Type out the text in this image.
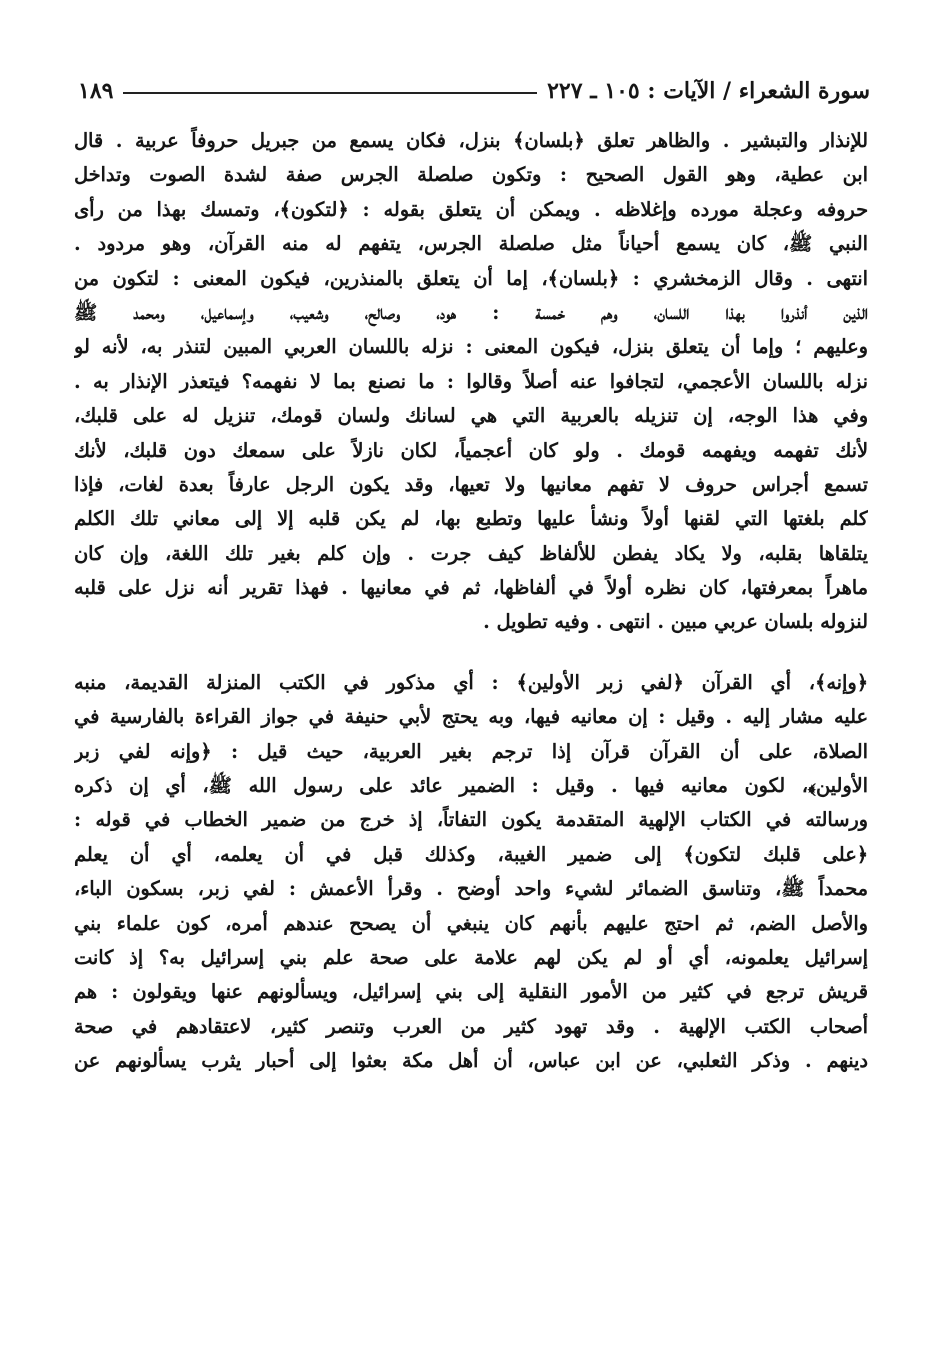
سورة الشعراء / الآيات : ١٠٥ ـ ٢٢٧
١٨٩
للإنذار والتبشير . والظاهر تعلق ﴿بلسان﴾ بنزل، فكان يسمع من جبريل حروفاً عربية . قال
ابن عطية، وهو القول الصحيح : وتكون صلصلة الجرس صفة لشدة الصوت وتداخل
حروفه وعجلة مورده وإغلاظه . ويمكن أن يتعلق بقوله : ﴿لتكون﴾، وتمسك بهذا من رأى
النبي ﷺ، كان يسمع أحياناً مثل صلصلة الجرس، يتفهم له منه القرآن، وهو مردود .
انتهى . وقال الزمخشري : ﴿بلسان﴾، إما أن يتعلق بالمنذرين، فيكون المعنى : لتكون من
الذين أنذروا بهذا اللسان، وهم خمسة : هود، وصالح، وشعيب، وإسماعيل، ومحمد ﷺ
وعليهم ؛ وإما أن يتعلق بنزل، فيكون المعنى : نزله باللسان العربي المبين لتنذر به، لأنه لو
نزله باللسان الأعجمي، لتجافوا عنه أصلاً وقالوا : ما نصنع بما لا نفهمه؟ فيتعذر الإنذار به .
وفي هذا الوجه، إن تنزيله بالعربية التي هي لسانك ولسان قومك، تنزيل له على قلبك،
لأنك تفهمه ويفهمه قومك . ولو كان أعجمياً، لكان نازلاً على سمعك دون قلبك، لأنك
تسمع أجراس حروف لا تفهم معانيها ولا تعيها، وقد يكون الرجل عارفاً بعدة لغات، فإذا
كلم بلغتها التي لقنها أولاً ونشأ عليها وتطبع بها، لم يكن قلبه إلا إلى معاني تلك الكلم
يتلقاها بقلبه، ولا يكاد يفطن للألفاظ كيف جرت . وإن كلم بغير تلك اللغة، وإن كان
ماهراً بمعرفتها، كان نظره أولاً في ألفاظها، ثم في معانيها . فهذا تقرير أنه نزل على قلبه
لنزوله بلسان عربي مبين . انتهى . وفيه تطويل .
﴿وإنه﴾، أي القرآن ﴿لفي زبر الأولين﴾ : أي مذكور في الكتب المنزلة القديمة، منبه
عليه مشار إليه . وقيل : إن معانيه فيها، وبه يحتج لأبي حنيفة في جواز القراءة بالفارسية في
الصلاة، على أن القرآن قرآن إذا ترجم بغير العربية، حيث قيل : ﴿وإنه لفي زبر
الأولين﴾، لكون معانيه فيها . وقيل : الضمير عائد على رسول الله ﷺ، أي إن ذكره
ورسالته في الكتاب الإلهية المتقدمة يكون التفاتاً، إذ خرج من ضمير الخطاب في قوله :
﴿على قلبك لتكون﴾ إلى ضمير الغيبة، وكذلك قبل في أن يعلمه، أي أن يعلم
محمداً ﷺ، وتناسق الضمائر لشيء واحد أوضح . وقرأ الأعمش : لفي زبر، بسكون الباء،
والأصل الضم، ثم احتج عليهم بأنهم كان ينبغي أن يصحح عندهم أمره، كون علماء بني
إسرائيل يعلمونه، أي أو لم يكن لهم علامة على صحة علم بني إسرائيل به؟ إذ كانت
قريش ترجع في كثير من الأمور النقلية إلى بني إسرائيل، ويسألونهم عنها ويقولون : هم
أصحاب الكتب الإلهية . وقد تهود كثير من العرب وتنصر كثير، لاعتقادهم في صحة
دينهم . وذكر الثعلبي، عن ابن عباس، أن أهل مكة بعثوا إلى أحبار يثرب يسألونهم عن
